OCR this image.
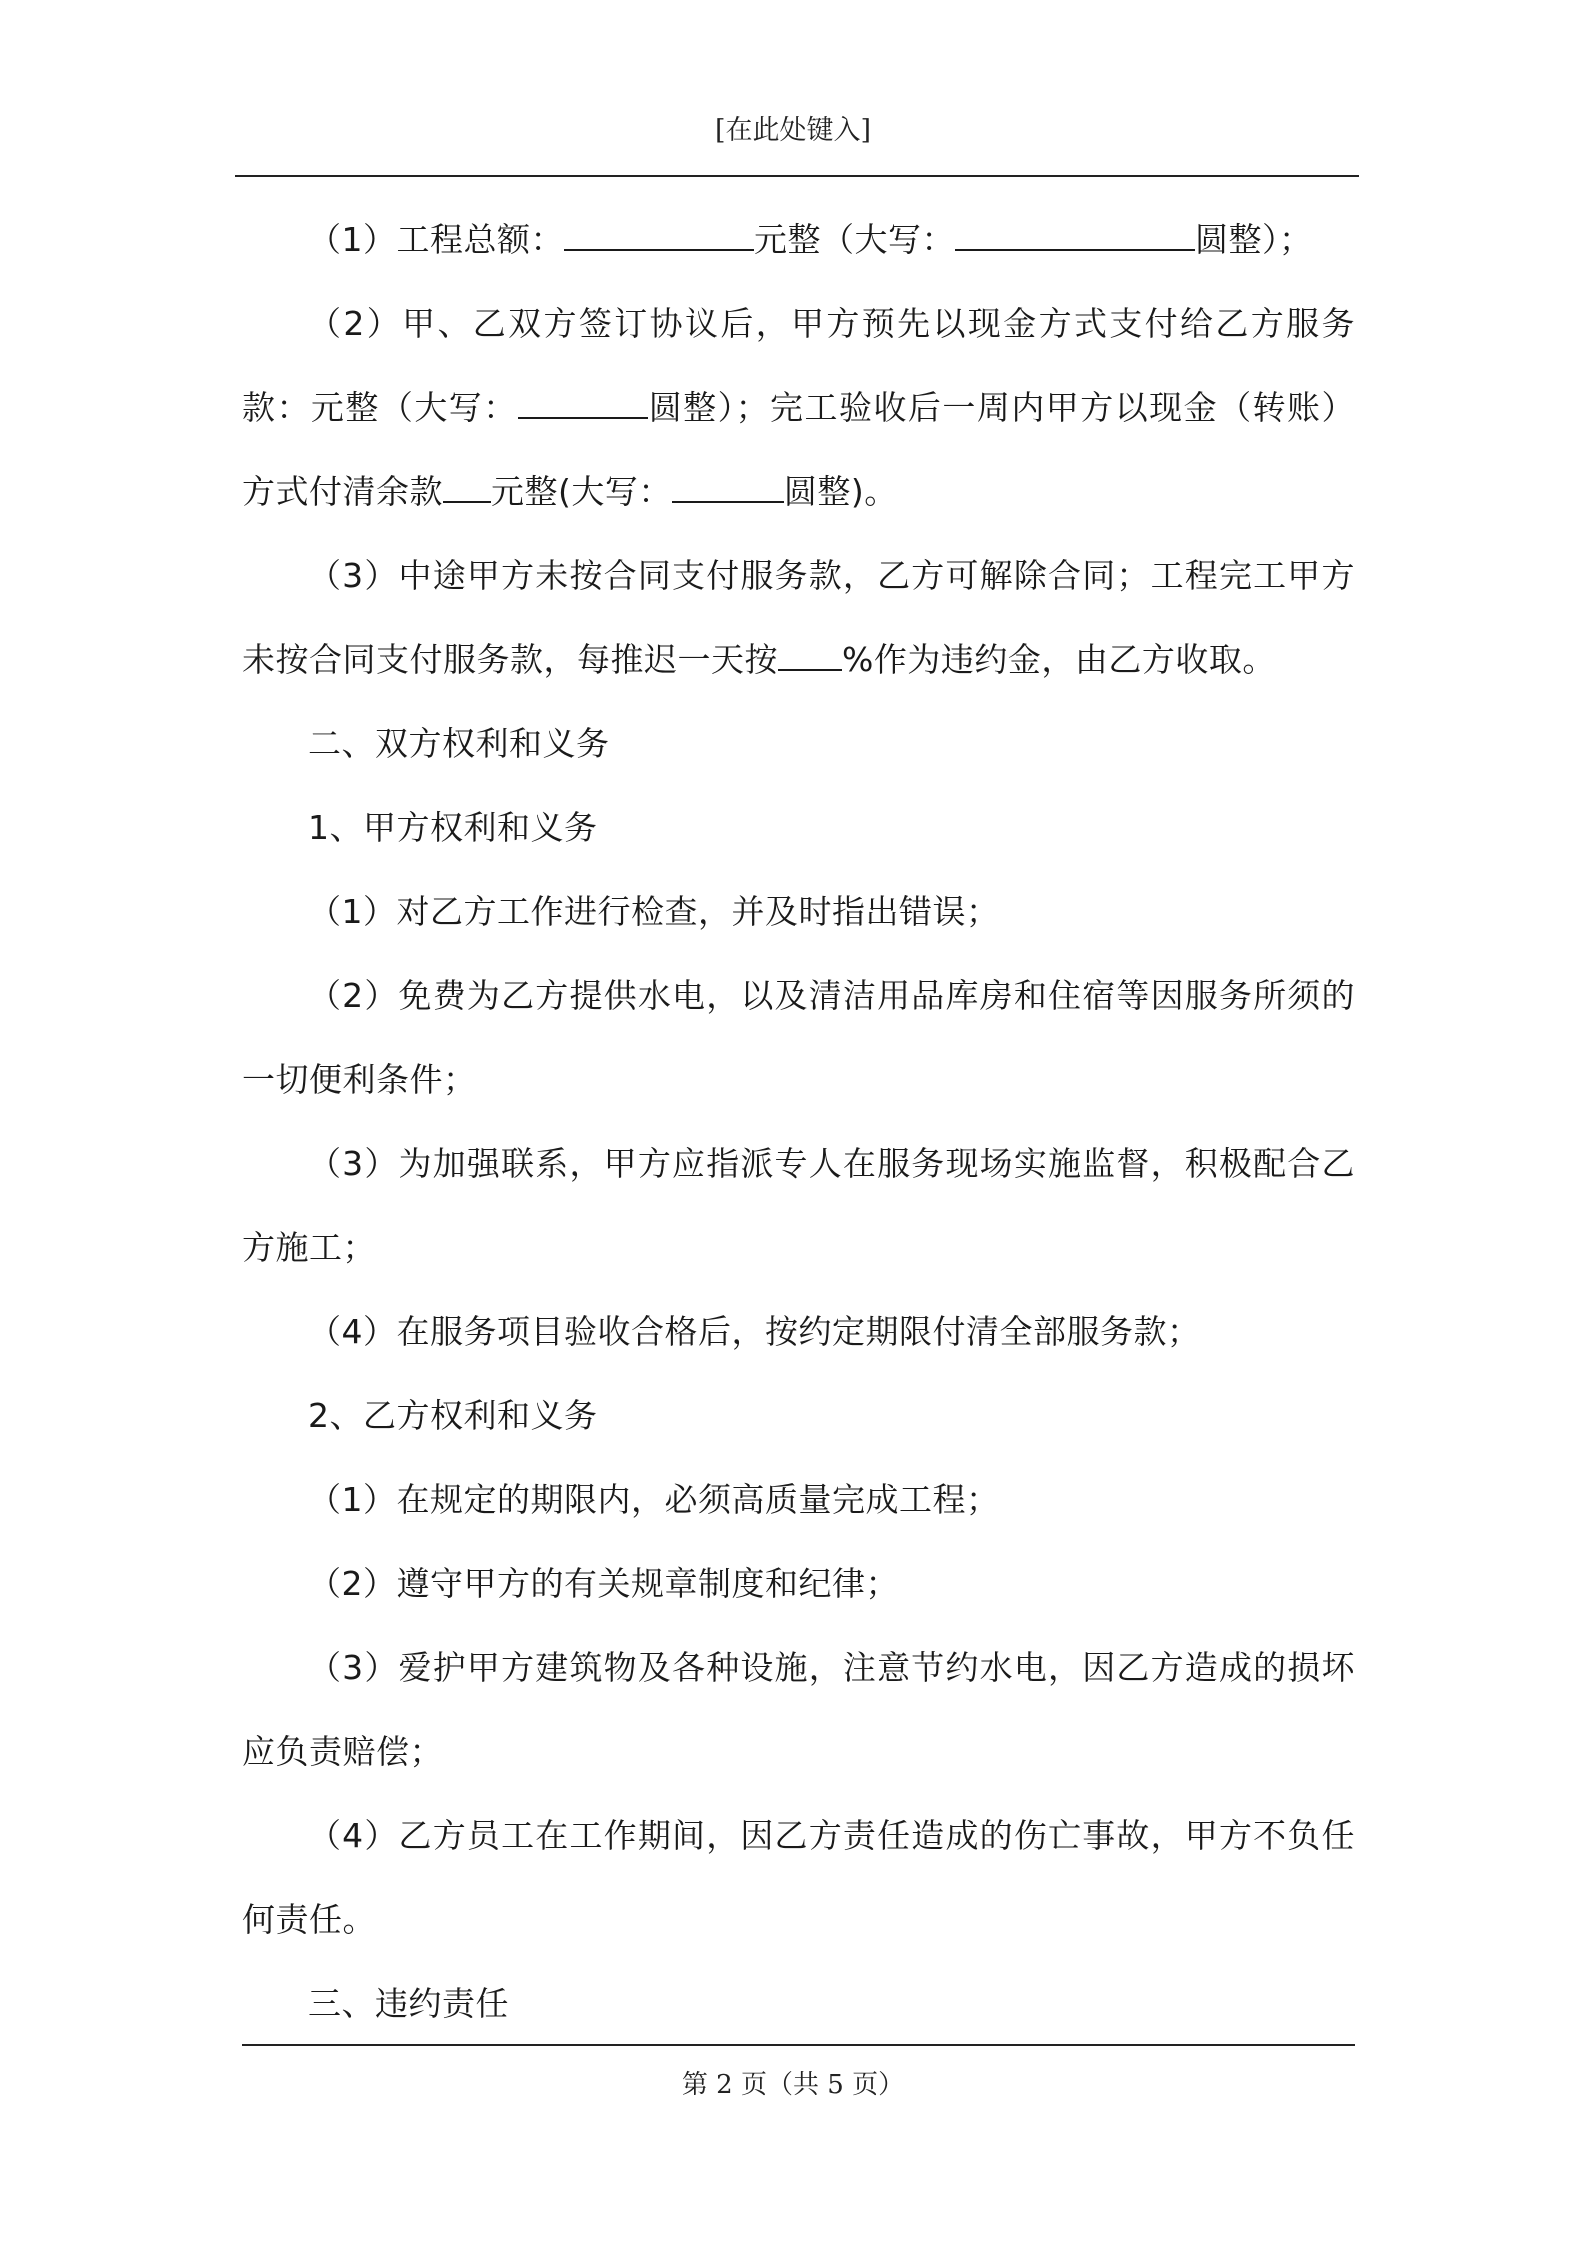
[在此处键入]

（1）工程总额：	元整（大写：	圆整）；

（2）甲、乙双方签订协议后，甲方预先以现金方式支付给乙方服务款：元整（大写：	圆整）；完工验收后一周内甲方以现金（转账）方式付清余款 元整(大写：	圆整)。

（3）中途甲方未按合同支付服务款，乙方可解除合同；工程完工甲方未按合同支付服务款，每推迟一天按 %作为违约金，由乙方收取。

二、双方权利和义务

1、甲方权利和义务

（1）对乙方工作进行检查，并及时指出错误；

（2）免费为乙方提供水电，以及清洁用品库房和住宿等因服务所须的一切便利条件；

（3）为加强联系，甲方应指派专人在服务现场实施监督，积极配合乙方施工；

（4）在服务项目验收合格后，按约定期限付清全部服务款；

2、乙方权利和义务

（1）在规定的期限内，必须高质量完成工程；

（2）遵守甲方的有关规章制度和纪律；

（3）爱护甲方建筑物及各种设施，注意节约水电，因乙方造成的损坏应负责赔偿；

（4）乙方员工在工作期间，因乙方责任造成的伤亡事故，甲方不负任何责任。

三、违约责任

第 2 页（共 5 页）
